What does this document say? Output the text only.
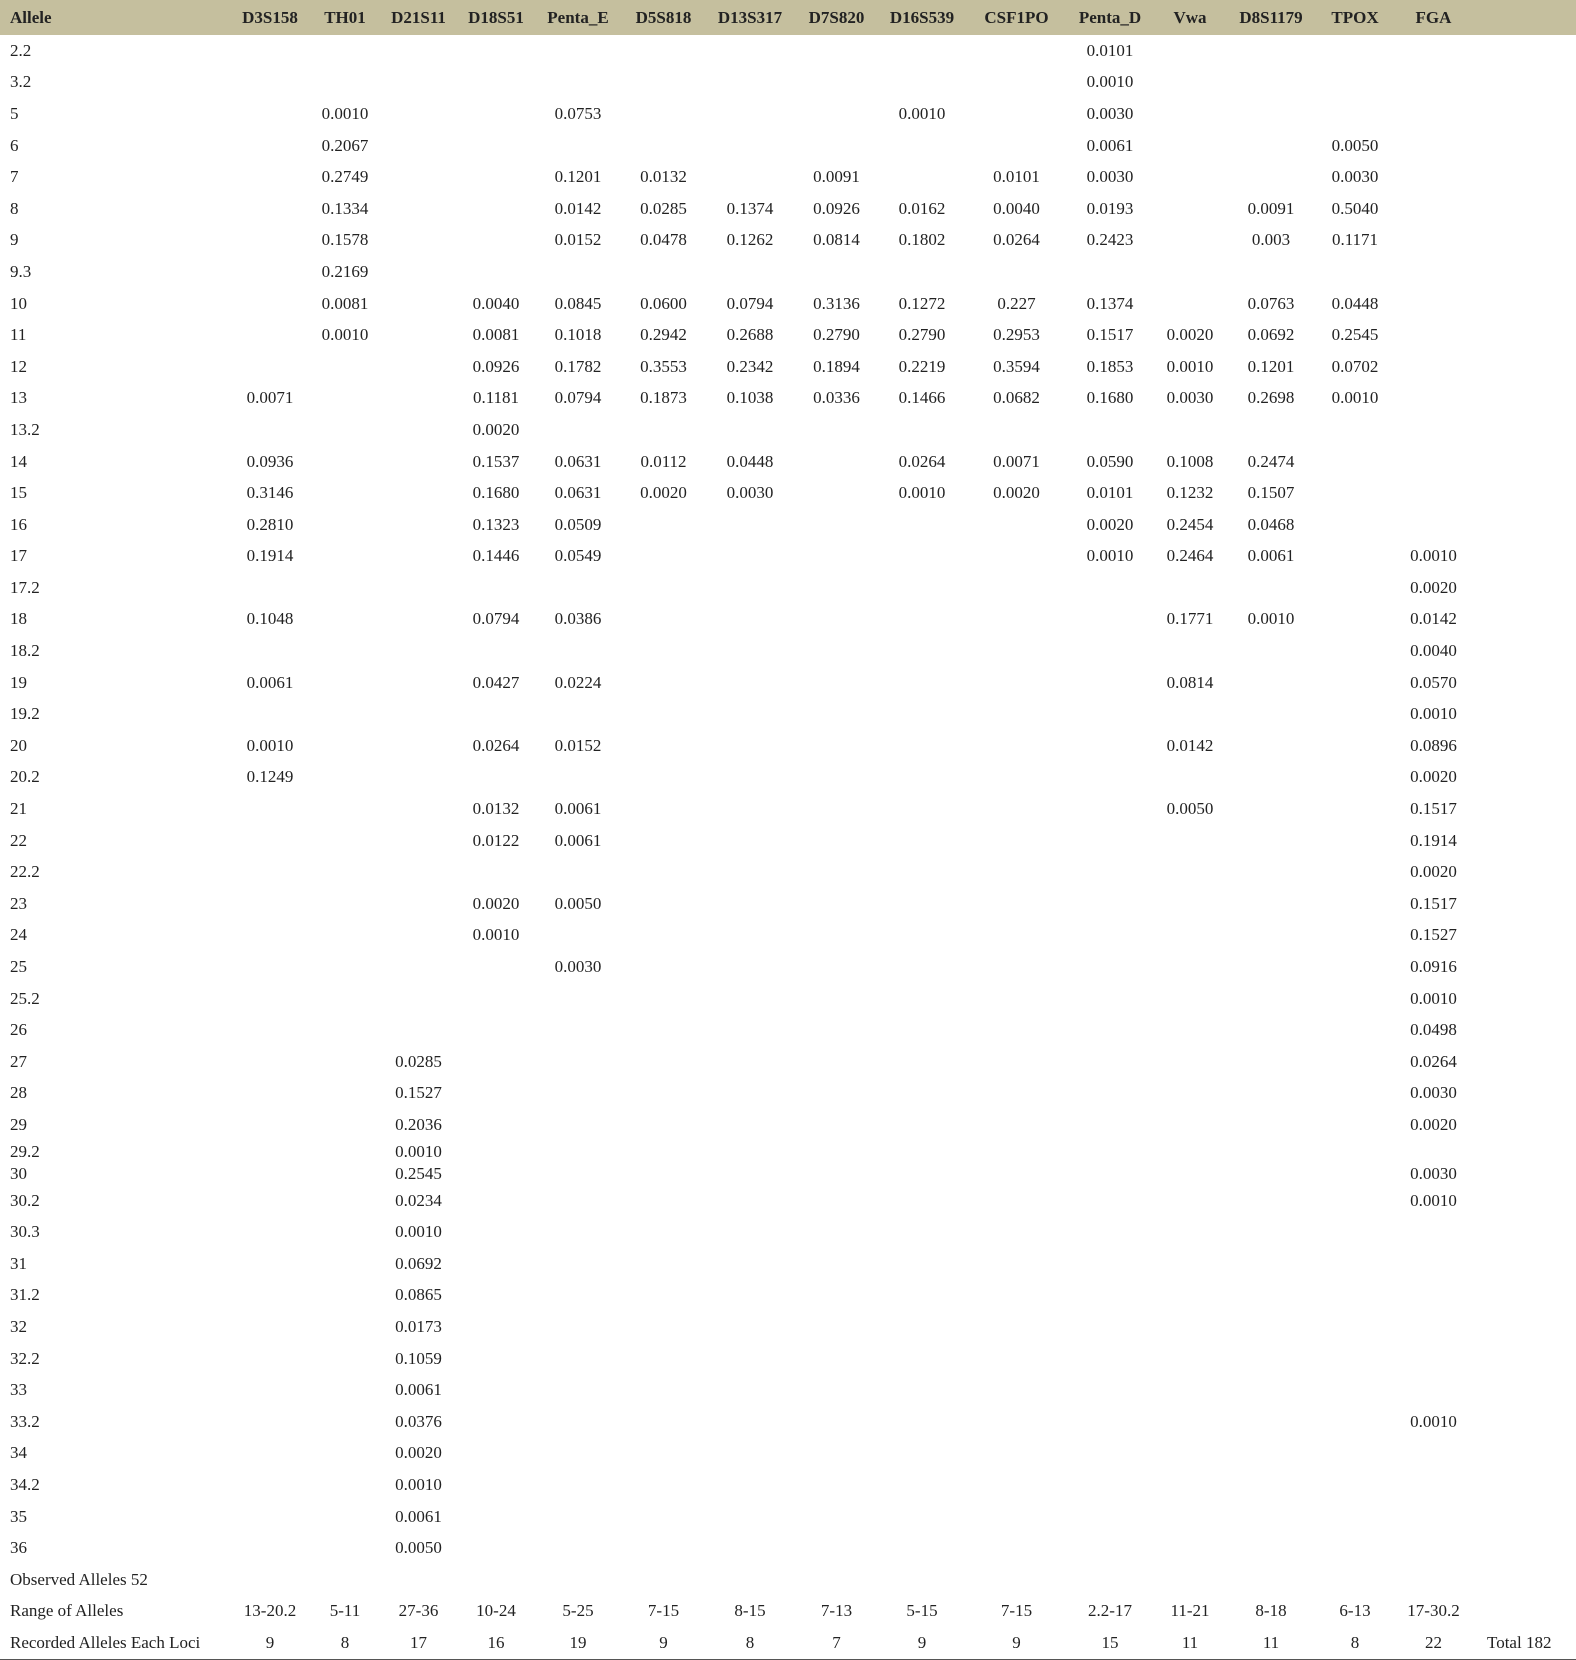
Allele	D3S158	TH01	D21S11	D18S51	Penta_E	D5S818	D13S317	D7S820	D16S539	CSF1PO	Penta_D	Vwa	D8S1179	TPOX	FGA	
2.2											0.0101					
3.2											0.0010					
5		0.0010			0.0753				0.0010		0.0030					
6		0.2067									0.0061			0.0050		
7		0.2749			0.1201	0.0132		0.0091		0.0101	0.0030			0.0030		
8		0.1334			0.0142	0.0285	0.1374	0.0926	0.0162	0.0040	0.0193		0.0091	0.5040		
9		0.1578			0.0152	0.0478	0.1262	0.0814	0.1802	0.0264	0.2423		0.003	0.1171		
9.3		0.2169														
10		0.0081		0.0040	0.0845	0.0600	0.0794	0.3136	0.1272	0.227	0.1374		0.0763	0.0448		
11		0.0010		0.0081	0.1018	0.2942	0.2688	0.2790	0.2790	0.2953	0.1517	0.0020	0.0692	0.2545		
12				0.0926	0.1782	0.3553	0.2342	0.1894	0.2219	0.3594	0.1853	0.0010	0.1201	0.0702		
13	0.0071			0.1181	0.0794	0.1873	0.1038	0.0336	0.1466	0.0682	0.1680	0.0030	0.2698	0.0010		
13.2				0.0020												
14	0.0936			0.1537	0.0631	0.0112	0.0448		0.0264	0.0071	0.0590	0.1008	0.2474			
15	0.3146			0.1680	0.0631	0.0020	0.0030		0.0010	0.0020	0.0101	0.1232	0.1507			
16	0.2810			0.1323	0.0509						0.0020	0.2454	0.0468			
17	0.1914			0.1446	0.0549						0.0010	0.2464	0.0061		0.0010	
17.2															0.0020	
18	0.1048			0.0794	0.0386							0.1771	0.0010		0.0142	
18.2															0.0040	
19	0.0061			0.0427	0.0224							0.0814			0.0570	
19.2															0.0010	
20	0.0010			0.0264	0.0152							0.0142			0.0896	
20.2	0.1249														0.0020	
21				0.0132	0.0061							0.0050			0.1517	
22				0.0122	0.0061										0.1914	
22.2															0.0020	
23				0.0020	0.0050										0.1517	
24				0.0010											0.1527	
25					0.0030										0.0916	
25.2															0.0010	
26															0.0498	
27			0.0285												0.0264	
28			0.1527												0.0030	
29			0.2036												0.0020	
29.2			0.0010													
30			0.2545												0.0030	
30.2			0.0234												0.0010	
30.3			0.0010													
31			0.0692													
31.2			0.0865													
32			0.0173													
32.2			0.1059													
33			0.0061													
33.2			0.0376												0.0010	
34			0.0020													
34.2			0.0010													
35			0.0061													
36			0.0050													
Observed Alleles 52																
Range of Alleles	13-20.2	5-11	27-36	10-24	5-25	7-15	8-15	7-13	5-15	7-15	2.2-17	11-21	8-18	6-13	17-30.2	
Recorded Alleles Each Loci	9	8	17	16	19	9	8	7	9	9	15	11	11	8	22	Total 182
